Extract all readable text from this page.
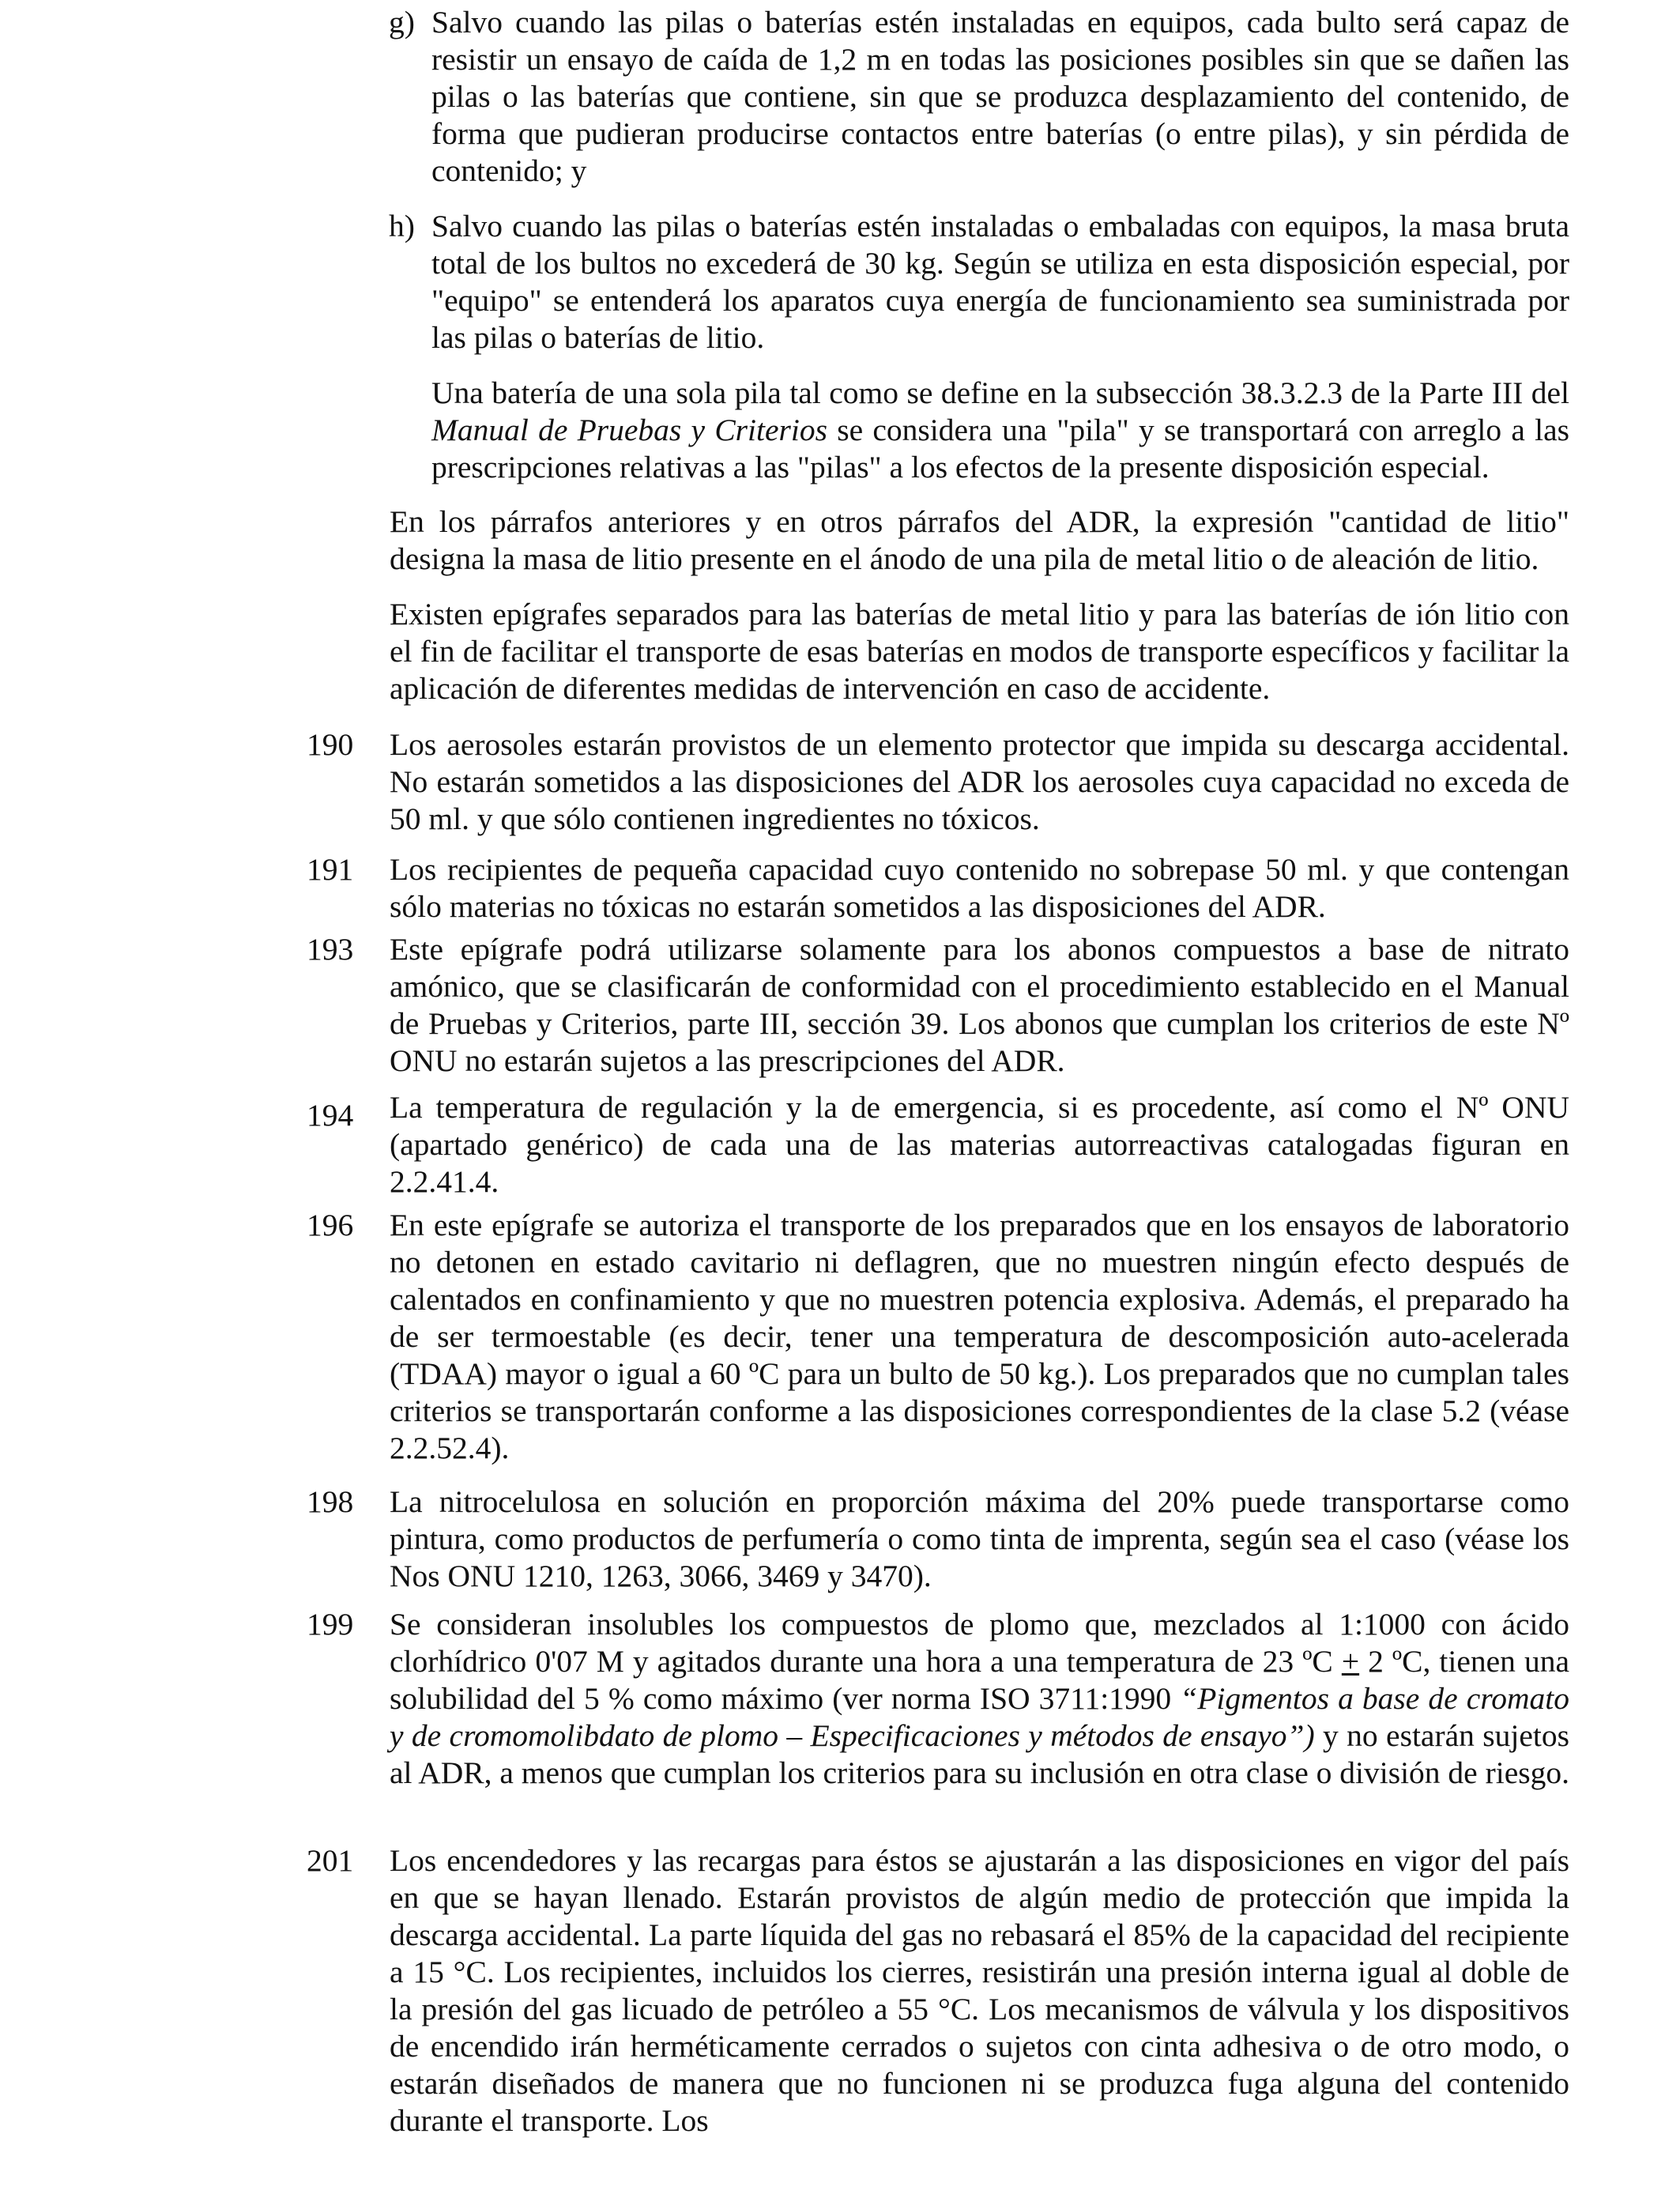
g) Salvo cuando las pilas o baterías estén instaladas en equipos, cada bulto será capaz de resistir un ensayo de caída de 1,2 m en todas las posiciones posibles sin que se dañen las pilas o las baterías que contiene, sin que se produzca desplazamiento del contenido, de forma que pudieran producirse contactos entre baterías (o entre pilas), y sin pérdida de contenido; y

h) Salvo cuando las pilas o baterías estén instaladas o embaladas con equipos, la masa bruta total de los bultos no excederá de 30 kg. Según se utiliza en esta disposición especial, por "equipo" se entenderá los aparatos cuya energía de funcionamiento sea suministrada por las pilas o baterías de litio.

Una batería de una sola pila tal como se define en la subsección 38.3.2.3 de la Parte III del Manual de Pruebas y Criterios se considera una "pila" y se transportará con arreglo a las prescripciones relativas a las "pilas" a los efectos de la presente disposición especial.

En los párrafos anteriores y en otros párrafos del ADR, la expresión "cantidad de litio" designa la masa de litio presente en el ánodo de una pila de metal litio o de aleación de litio.

Existen epígrafes separados para las baterías de metal litio y para las baterías de ión litio con el fin de facilitar el transporte de esas baterías en modos de transporte específicos y facilitar la aplicación de diferentes medidas de intervención en caso de accidente.

190	Los aerosoles estarán provistos de un elemento protector que impida su descarga accidental. No estarán sometidos a las disposiciones del ADR los aerosoles cuya capacidad no exceda de 50 ml. y que sólo contienen ingredientes no tóxicos.

191	Los recipientes de pequeña capacidad cuyo contenido no sobrepase 50 ml. y que contengan sólo materias no tóxicas no estarán sometidos a las disposiciones del ADR.

193	Este epígrafe podrá utilizarse solamente para los abonos compuestos a base de nitrato amónico, que se clasificarán de conformidad con el procedimiento establecido en el Manual de Pruebas y Criterios, parte III, sección 39. Los abonos que cumplan los criterios de este Nº ONU no estarán sujetos a las prescripciones del ADR.

194	La temperatura de regulación y la de emergencia, si es procedente, así como el Nº ONU (apartado genérico) de cada una de las materias autorreactivas catalogadas figuran en 2.2.41.4.

196	En este epígrafe se autoriza el transporte de los preparados que en los ensayos de laboratorio no detonen en estado cavitario ni deflagren, que no muestren ningún efecto después de calentados en confinamiento y que no muestren potencia explosiva. Además, el preparado ha de ser termoestable (es decir, tener una temperatura de descomposición auto-acelerada (TDAA) mayor o igual a 60 ºC para un bulto de 50 kg.). Los preparados que no cumplan tales criterios se transportarán conforme a las disposiciones correspondientes de la clase 5.2 (véase 2.2.52.4).

198	La nitrocelulosa en solución en proporción máxima del 20% puede transportarse como pintura, como productos de perfumería o como tinta de imprenta, según sea el caso (véase los Nos ONU 1210, 1263, 3066, 3469 y 3470).

199	Se consideran insolubles los compuestos de plomo que, mezclados al 1:1000 con ácido clorhídrico 0'07 M y agitados durante una hora a una temperatura de 23 ºC + 2 ºC, tienen una solubilidad del 5 % como máximo (ver norma ISO 3711:1990 “Pigmentos a base de cromato y de cromomolibdato de plomo – Especificaciones y métodos de ensayo”) y no estarán sujetos al ADR, a menos que cumplan los criterios para su inclusión en otra clase o división de riesgo.

201	Los encendedores y las recargas para éstos se ajustarán a las disposiciones en vigor del país en que se hayan llenado. Estarán provistos de algún medio de protección que impida la descarga accidental. La parte líquida del gas no rebasará el 85% de la capacidad del recipiente a 15 °C. Los recipientes, incluidos los cierres, resistirán una presión interna igual al doble de la presión del gas licuado de petróleo a 55 °C. Los mecanismos de válvula y los dispositivos de encendido irán herméticamente cerrados o sujetos con cinta adhesiva o de otro modo, o estarán diseñados de manera que no funcionen ni se produzca fuga alguna del contenido durante el transporte. Los
